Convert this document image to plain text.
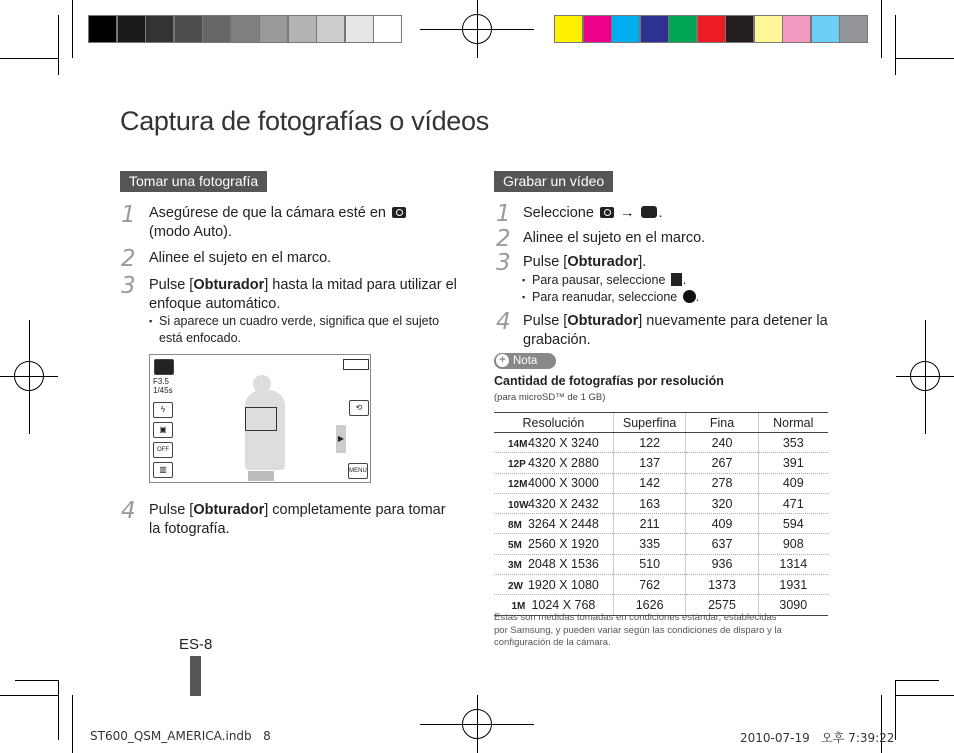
Captura de fotografías o vídeos
Tomar una fotografía
1 Asegúrese de que la cámara esté en
(modo Auto).
2 Alinee el sujeto en el marco.
3 Pulse [Obturador] hasta la mitad para utilizar el
enfoque automático.
▪ Si aparece un cuadro verde, significa que el sujeto
está enfocado.
F3.5
1/45s
ϟ
▣
OFF
▥
⟲
MENU
▶
4 Pulse [Obturador] completamente para tomar
la fotografía.
Grabar un vídeo
1 Seleccione → .
2 Alinee el sujeto en el marco.
3 Pulse [Obturador].
▪ Para pausar, seleccione .
▪ Para reanudar, seleccione .
4 Pulse [Obturador] nuevamente para detener la
grabación.
+ Nota
Cantidad de fotografías por resolución
(para microSD™ de 1 GB)
Resolución	Superfina	Fina	Normal
14M4320 X 3240	122	240	353
12P 4320 X 2880	137	267	391
12M4000 X 3000	142	278	409
10W4320 X 2432	163	320	471
8M 3264 X 2448	211	409	594
5M 2560 X 1920	335	637	908
3M 2048 X 1536	510	936	1314
2W 1920 X 1080	762	1373	1931
1M 1024 X 768	1626	2575	3090
Estas son medidas tomadas en condiciones estándar, establecidas
por Samsung, y pueden variar según las condiciones de disparo y la
configuración de la cámara.
ES-8
ST600_QSM_AMERICA.indb   8	2010-07-19   오후 7:39:22
